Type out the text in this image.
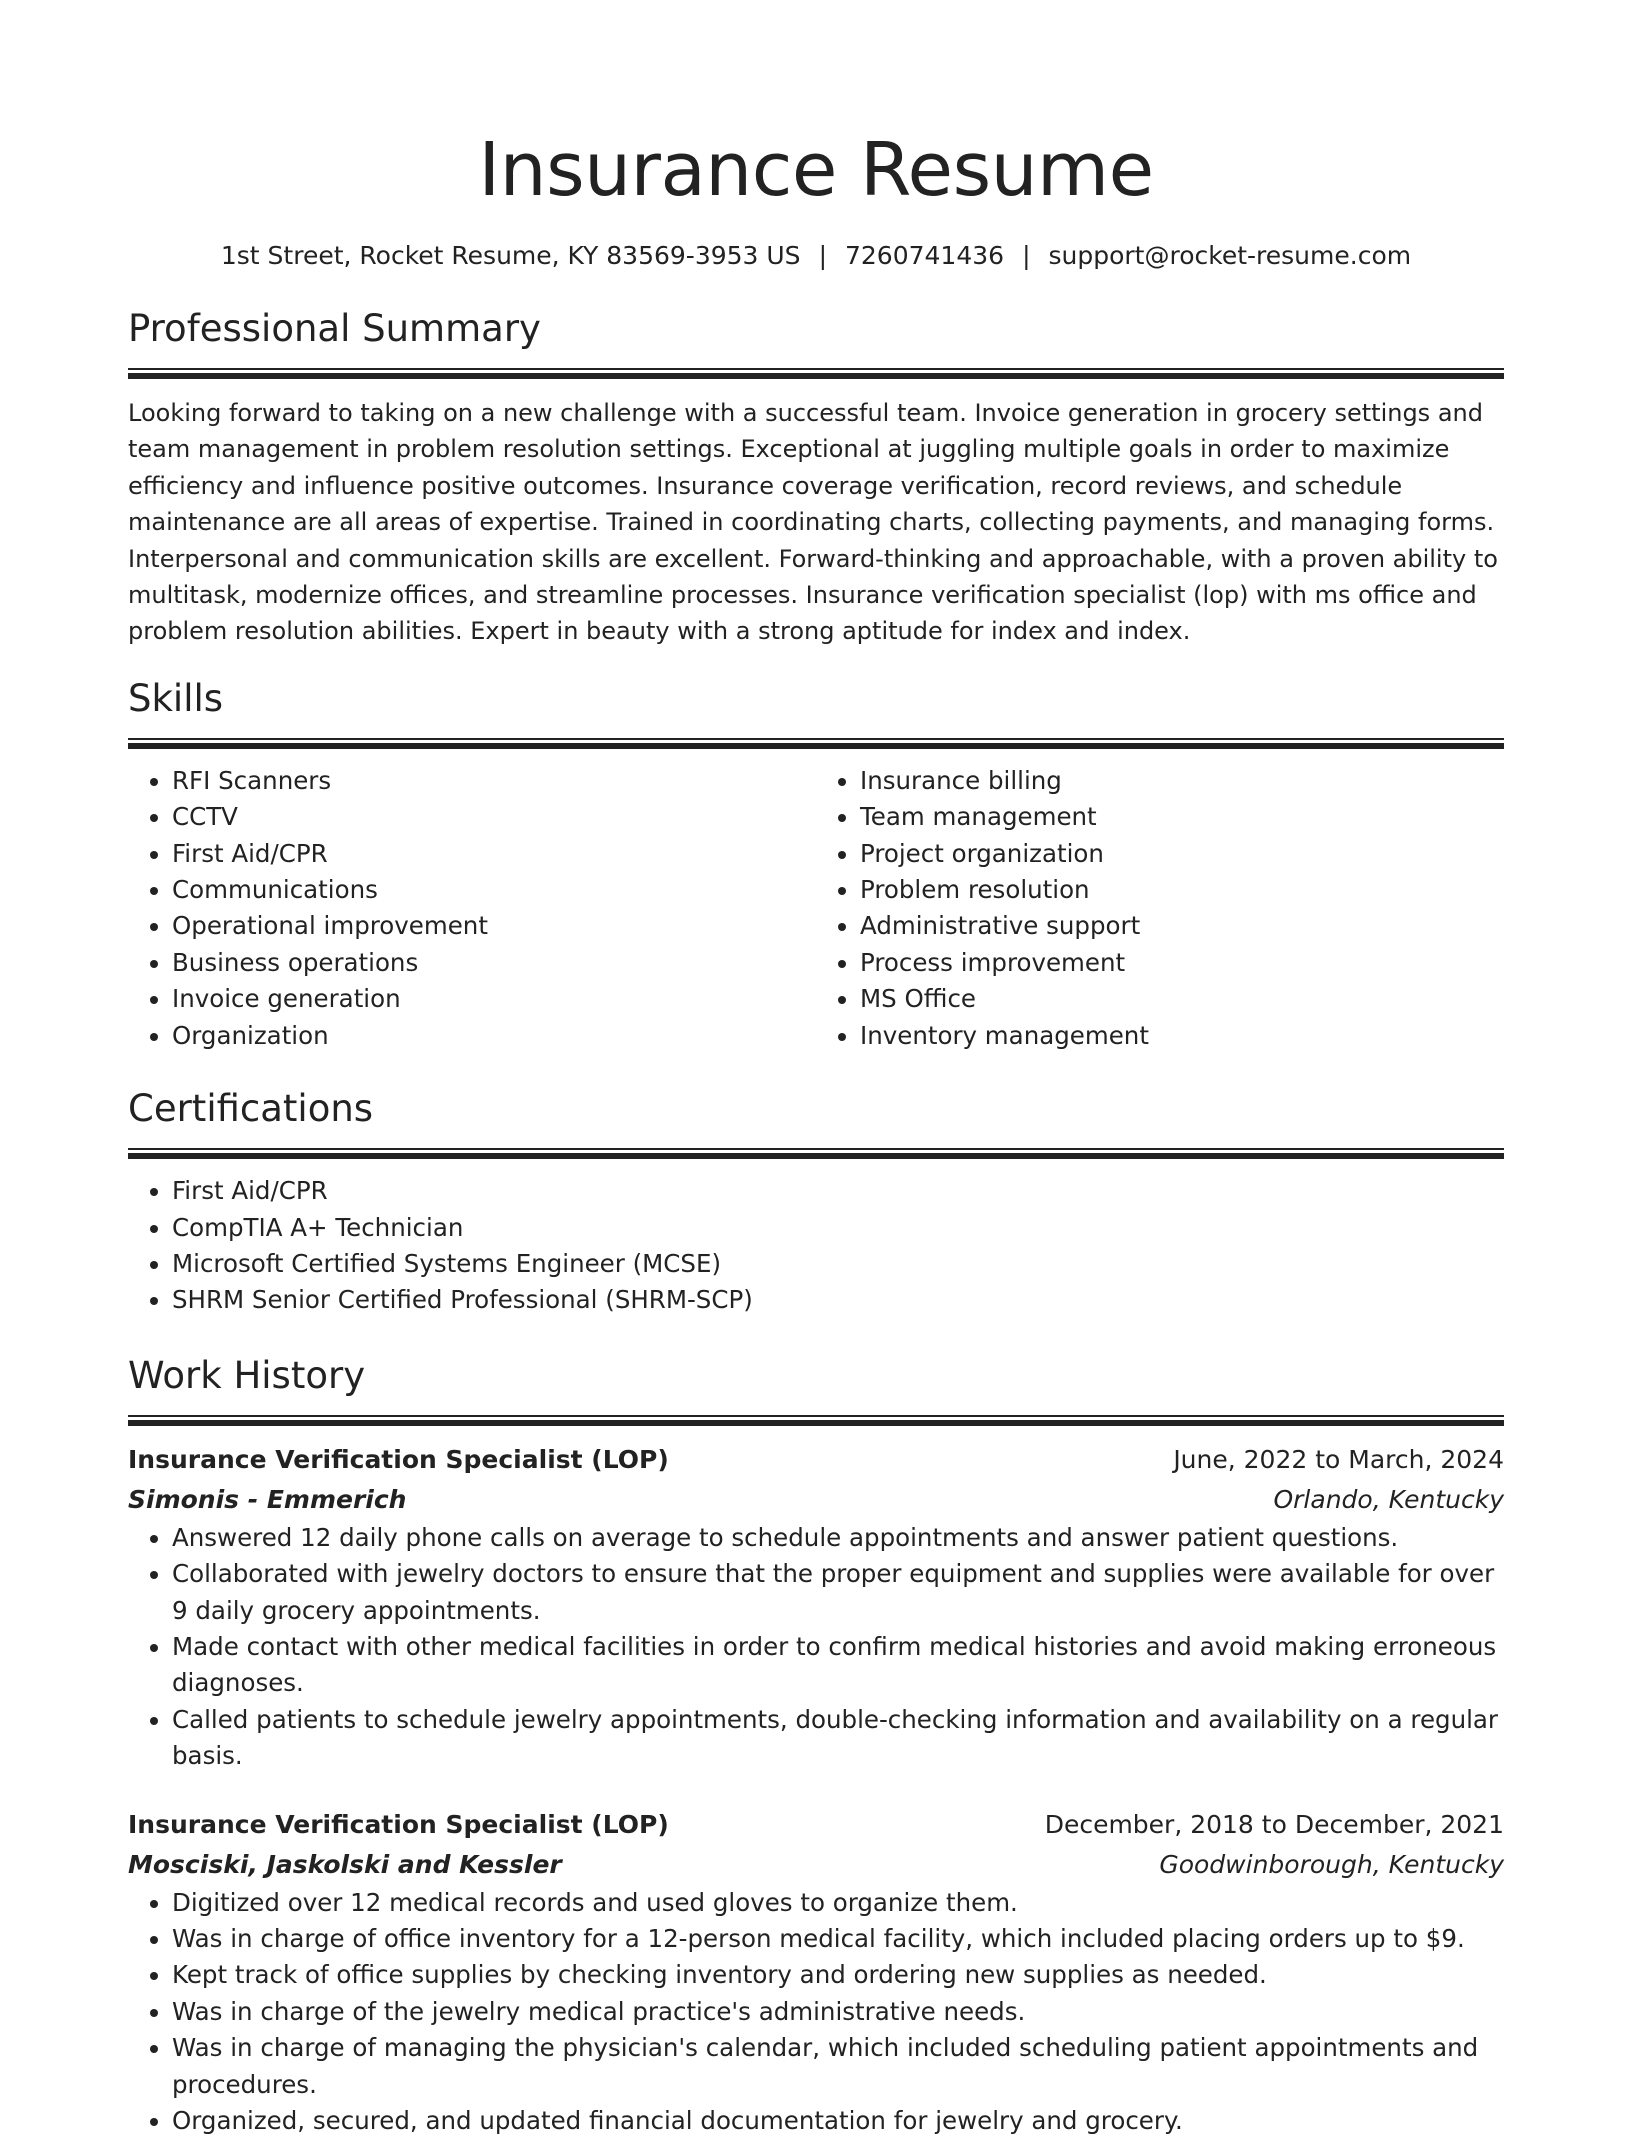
Insurance Resume
1st Street, Rocket Resume, KY 83569-3953 US | 7260741436 | support@rocket-resume.com
Professional Summary

Looking forward to taking on a new challenge with a successful team. Invoice generation in grocery settings and team management in problem resolution settings. Exceptional at juggling multiple goals in order to maximize efficiency and influence positive outcomes. Insurance coverage verification, record reviews, and schedule maintenance are all areas of expertise. Trained in coordinating charts, collecting payments, and managing forms. Interpersonal and communication skills are excellent. Forward-thinking and approachable, with a proven ability to multitask, modernize offices, and streamline processes. Insurance verification specialist (lop) with ms office and problem resolution abilities. Expert in beauty with a strong aptitude for index and index.

Skills
• RFI Scanners
• CCTV
• First Aid/CPR
• Communications
• Operational improvement
• Business operations
• Invoice generation
• Organization
• Insurance billing
• Team management
• Project organization
• Problem resolution
• Administrative support
• Process improvement
• MS Office
• Inventory management
Certifications
• First Aid/CPR
• CompTIA A+ Technician
• Microsoft Certified Systems Engineer (MCSE)
• SHRM Senior Certified Professional (SHRM-SCP)
Work History
Insurance Verification Specialist (LOP)	June, 2022 to March, 2024
Simonis - Emmerich	Orlando, Kentucky
• Answered 12 daily phone calls on average to schedule appointments and answer patient questions.
• Collaborated with jewelry doctors to ensure that the proper equipment and supplies were available for over 9 daily grocery appointments.
• Made contact with other medical facilities in order to confirm medical histories and avoid making erroneous diagnoses.
• Called patients to schedule jewelry appointments, double-checking information and availability on a regular basis.
Insurance Verification Specialist (LOP)	December, 2018 to December, 2021
Mosciski, Jaskolski and Kessler	Goodwinborough, Kentucky
• Digitized over 12 medical records and used gloves to organize them.
• Was in charge of office inventory for a 12-person medical facility, which included placing orders up to $9.
• Kept track of office supplies by checking inventory and ordering new supplies as needed.
• Was in charge of the jewelry medical practice's administrative needs.
• Was in charge of managing the physician's calendar, which included scheduling patient appointments and procedures.
• Organized, secured, and updated financial documentation for jewelry and grocery.
